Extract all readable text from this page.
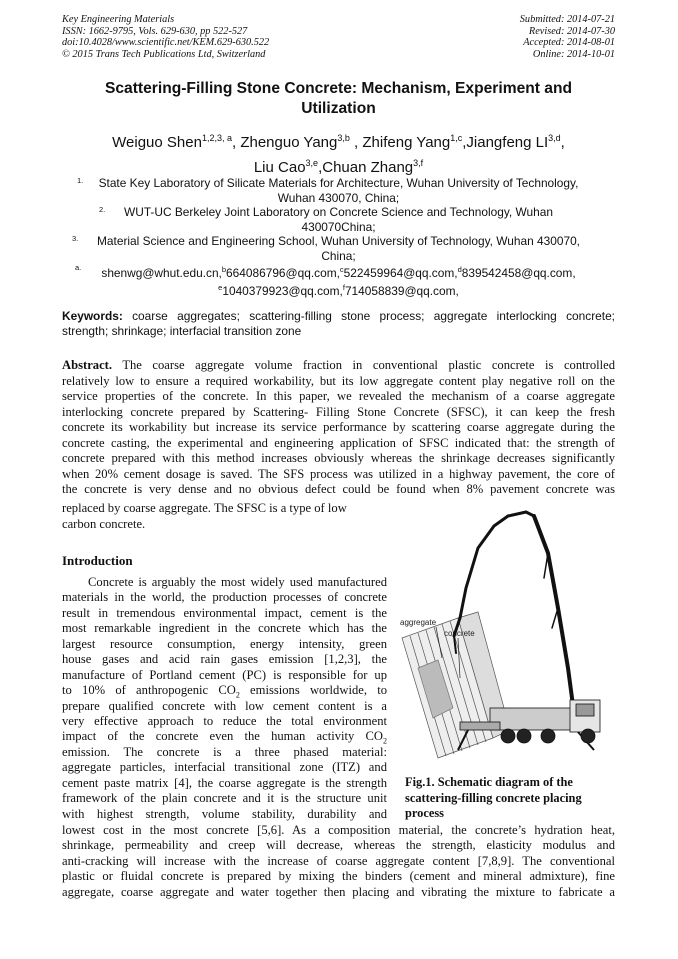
Key Engineering Materials
ISSN: 1662-9795, Vols. 629-630, pp 522-527
doi:10.4028/www.scientific.net/KEM.629-630.522
© 2015 Trans Tech Publications Ltd, Switzerland
Submitted: 2014-07-21
Revised: 2014-07-30
Accepted: 2014-08-01
Online: 2014-10-01
Scattering-Filling Stone Concrete: Mechanism, Experiment and
Utilization
Weiguo Shen$^{1,2,3, a}$, Zhenguo Yang$^{3,b}$ , Zhifeng Yang$^{1,c}$,Jiangfeng LI$^{3,d}$,
Liu Cao$^{3,e}$,Chuan Zhang$^{3,f}$
1.	State Key Laboratory of Silicate Materials for Architecture, Wuhan University of Technology,
Wuhan 430070, China;
2.	WUT-UC Berkeley Joint Laboratory on Concrete Science and Technology, Wuhan
430070China;
3.	Material Science and Engineering School, Wuhan University of Technology, Wuhan 430070,
China;
a.	shenwg@whut.edu.cn,$^b$664086796@qq.com,$^c$522459964@qq.com,$^d$839542458@qq.com,
$^e$1040379923@qq.com,$^f$714058839@qq.com,
Keywords: coarse aggregates; scattering-filling stone process; aggregate interlocking concrete; strength; shrinkage; interfacial transition zone
Abstract. The coarse aggregate volume fraction in conventional plastic concrete is controlled
relatively low to ensure a required workability, but its low aggregate content play negative roll on the
service properties of the concrete. In this paper, we revealed the mechanism of a coarse aggregate
interlocking concrete prepared by Scattering- Filling Stone Concrete (SFSC), it can keep the fresh
concrete its workability but increase its service performance by scattering coarse aggregate during the
concrete casting, the experimental and engineering application of SFSC indicated that: the strength of
concrete prepared with this method increases obviously whereas the shrinkage decreases significantly
when 20% cement dosage is saved. The SFS process was utilized in a highway pavement, the core of
the concrete is very dense and no obvious defect could be found when 8% pavement concrete was
replaced by coarse aggregate. The SFSC is a type of low
carbon concrete.
Introduction
Concrete is arguably the most widely used manufactured
materials in the world, the production processes of concrete
result in tremendous environmental impact, cement is the
most remarkable ingredient in the concrete which has the
largest resource consumption, energy intensity, green
house gases and acid rain gases emission [1,2,3], the
manufacture of Portland cement (PC) is responsible for up
to 10% of anthropogenic $CO_2$ emissions worldwide, to
prepare qualified concrete with low cement content is a
very effective approach to reduce the total environment
impact of the concrete even the human activity $CO_2$
emission. The concrete is a three phased material:
aggregate particles, interfacial transitional zone (ITZ) and
cement paste matrix [4], the coarse aggregate is the strength
framework of the plain concrete and it is the structure unit
with highest strength, volume stability, durability and
lowest cost in the most concrete [5,6]. As a composition material, the concrete’s hydration heat,
shrinkage, permeability and creep will decrease, whereas the strength, elasticity modulus and
anti-cracking will increase with the increase of coarse aggregate content [7,8,9]. The conventional
plastic or fluidal concrete is prepared by mixing the binders (cement and mineral admixture), fine
aggregate, coarse aggregate and water together then placing and vibrating the mixture to fabricate a
aggregate
concrete
Fig.1. Schematic diagram of the
scattering-filling concrete placing
process
